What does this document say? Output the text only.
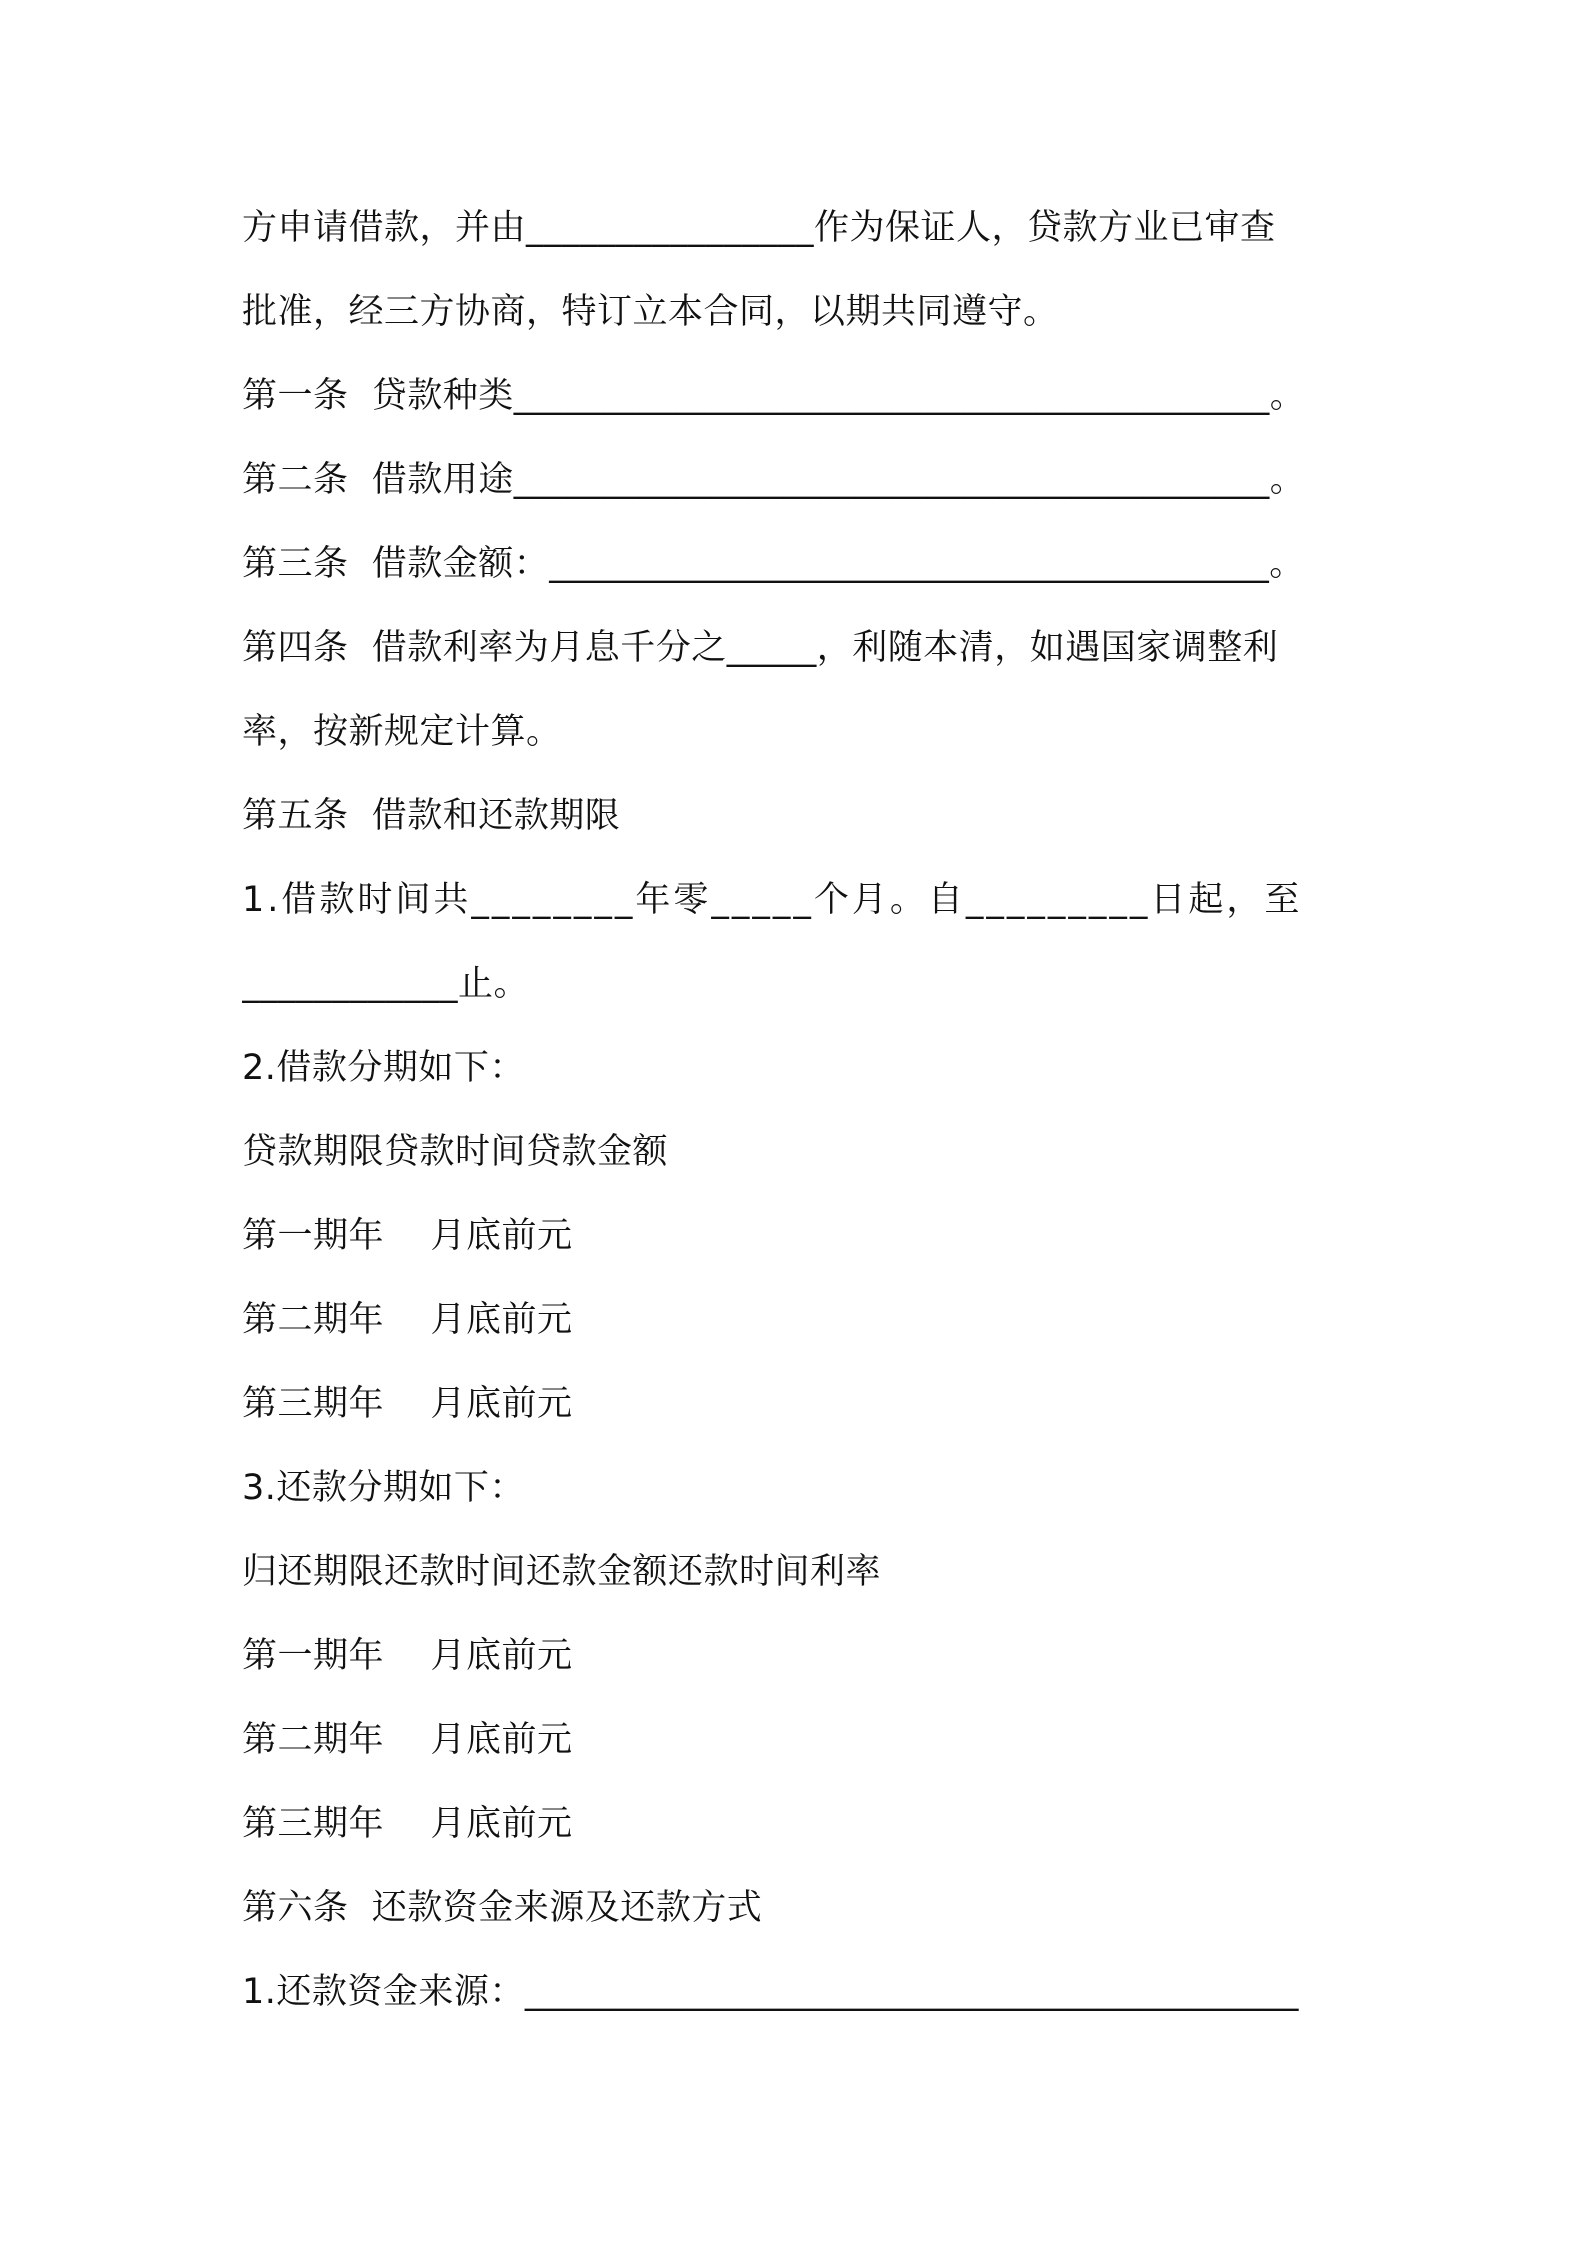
方申请借款，并由________________作为保证人，贷款方业已审查
批准，经三方协商，特订立本合同，以期共同遵守。
第一条  贷款种类__________________________________________。
第二条  借款用途__________________________________________。
第三条  借款金额：________________________________________。
第四条  借款利率为月息千分之_____，利随本清，如遇国家调整利
率，按新规定计算。
第五条  借款和还款期限
1.借款时间共________年零_____个月。自_________日起，至
____________止。
2.借款分期如下：
贷款期限贷款时间贷款金额
第一期年    月底前元
第二期年    月底前元
第三期年    月底前元
3.还款分期如下：
归还期限还款时间还款金额还款时间利率
第一期年    月底前元
第二期年    月底前元
第三期年    月底前元
第六条  还款资金来源及还款方式
1.还款资金来源：___________________________________________
